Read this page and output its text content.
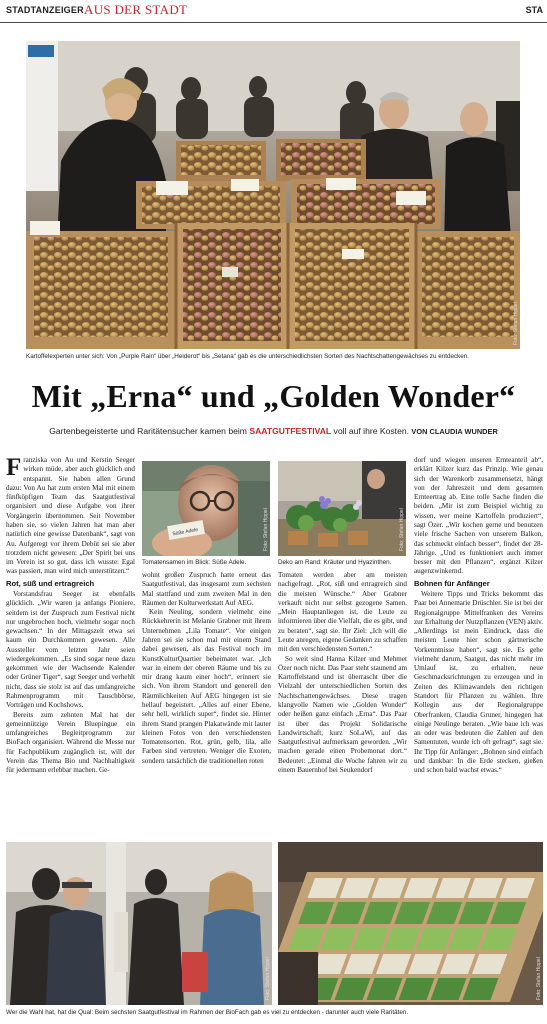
STADTANZEIGER AUS DER STADT	STA
Foto: Stefan Hippel
Kartoffelexperten unter sich: Von „Purple Rain“ über „Heiderot“ bis „Setana“ gab es die unterschiedlichsten Sorten des Nachtschattengewächses zu entdecken.
Mit „Erna“ und „Golden Wonder“
Gartenbegeisterte und Raritätensucher kamen beim SAATGUTFESTIVAL voll auf ihre Kosten. VON CLAUDIA WUNDER
Süße Adele	Foto: Stefan Hippel
Tomatensamen im Blick: Süße Adele.
Foto: Stefan Hippel
Deko am Rand: Kräuter und Hyazinthen.

Franziska von Au und Kerstin Seeger wirken müde, aber auch glücklich und entspannt. Sie haben allen Grund dazu: Von Au hat zum ersten Mal mit einem fünfköpfigen Team das Saatgutfestival organisiert und diese Aufgabe von ihrer Vorgängerin übernommen. Seit November haben sie, so vielen Jahren hat man aber natürlich eine gewisse Datenbank“, sagt von Au. Aufgeregt vor ihrem Debüt sei sie aber trotzdem nicht gewesen: „Der Spirit bei uns im Verein ist so gut, dass ich wusste: Egal was passiert, man wird mich unterstützen.“

Rot, süß und ertragreich

Vorstandsfrau Seeger ist ebenfalls glücklich. „Wir waren ja anfangs Pioniere, seitdem ist der Zuspruch zum Festival nicht nur ungebrochen hoch, vielmehr sogar noch gewachsen.“ In der Mittagszeit etwa sei kaum ein Durchkommen gewesen. Alle Aussteller vom letzten Jahr seien wiedergekommen. „Es sind sogar neue dazu gekommen wie der Wachsende Kalender oder Grüner Tiger“, sagt Seeger und verhehlt nicht, dass sie stolz ist auf das umfangreiche Rahmenprogramm mit Tauschbörse, Vorträgen und Kochshows.

Bereits zum zehnten Mal hat der gemeinnützige Verein Bluepingue ein umfangreiches Begleitprogramm zur BioFach organisiert. Während die Messe nur für Fachpublikum zugänglich ist, will der Verein das Thema Bio und Nachhaltigkeit für jedermann erlebbar machen. Ge-

wohnt großen Zuspruch hatte erneut das Saatgutfestival, das insgesamt zum sechsten Mal stattfand und zum zweiten Mal in den Räumen der Kulturwerkstatt Auf AEG.

Kein Neuling, sondern vielmehr eine Rückkehrerin ist Melanie Grabner mit ihrem Unternehmen „Lila Tomate“. Vor einigen Jahren sei sie schon mal mit einem Stand dabei gewesen, als das Festival noch im KunstKulturQuartier beheimatet war. „Ich war in einem der oberen Räume und bis zu mir drang kaum einer hoch“, erinnert sie sich. Von ihrem Standort und generell den Räumlichkeiten Auf AEG hingegen ist sie hellauf begeistert. „Alles auf einer Ebene, sehr hell, wirklich super“, findet sie. Hinter ihrem Stand prangen Plakatwände mit lauter kleinen Fotos von den verschiedensten Tomatensorten. Rot, grün, gelb, lila, alle Farben sind vertreten. Weniger die Exoten, sondern tatsächlich die traditionellen roten

Tomaten werden aber am meisten nachgefragt. „Rot, süß und ertragreich sind die meisten Wünsche.“ Aber Grabner verkauft nicht nur selbst gezogene Samen. „Mein Hauptanliegen ist, die Leute zu informieren über die Vielfalt, die es gibt, und zu beraten“, sagt sie. Ihr Ziel: „Ich will die Leute anregen, eigene Gedanken zu schaffen mit den verschiedensten Sorten.“

So weit sind Hanna Kilzer und Mehmet Özer noch nicht. Das Paar steht staunend am Kartoffelstand und ist überrascht über die Vielzahl der unterschiedlichen Sorten des Nachtschattengewächses. Diese tragen klangvolle Namen wie „Golden Wonder“ oder heißen ganz einfach „Erna“. Das Paar ist über das Projekt Solidarische Landwirtschaft, kurz SoLaWi, auf das Saatgutfestival aufmerksam geworden. „Wir machen gerade einen Probemonat dort.“ Bedeutet: „Einmal die Woche fahren wir zu einem Bauernhof bei Seukendorf

dorf und wiegen unseren Ernteanteil ab“, erklärt Kilzer kurz das Prinzip. Wie genau sich der Warenkorb zusammensetzt, hängt von der Jahreszeit und dem gesamten Ernteertrag ab. Eine tolle Sache finden die beiden. „Mir ist zum Beispiel wichtig zu wissen, wer meine Kartoffeln produziert“, sagt Özer. „Wir kochen gerne und benutzen viele frische Sachen von unserem Balkon, das schmeckt einfach besser“, findet der 28-Jährige. „Und es funktioniert auch immer besser mit den Pflanzen“, ergänzt Kilzer augenzwinkernd.

Bohnen für Anfänger

Weitere Tipps und Tricks bekommt das Paar bei Annemarie Drüschler. Sie ist bei der Regionalgruppe Mittelfranken des Vereins zur Erhaltung der Nutzpflanzen (VEN) aktiv. „Allerdings ist mein Eindruck, dass die meisten Leute hier schon gärtnerische Vorkenntnisse haben“, sagt sie. Es gehe vielmehr darum, Saatgut, das nicht mehr im Umlauf ist, zu erhalten, neue Geschmacksrichtungen zu erzeugen und in Zeiten des Klimawandels den richtigen Standort für Pflanzen zu wählen. Ihre Kollegin aus der Regionalgruppe Oberfranken, Claudia Gruner, hingegen hat einige Neulinge beraten. „Wie baue ich was an oder was bedeuten die Zahlen auf den Samentuten, wurde ich oft gefragt“, sagt sie. Ihr Tipp für Anfänger: „Bohnen sind einfach und dankbar: In die Erde stecken, gießen und schon bald wachst etwas.“

Foto: Stefan Hippel	Foto: Stefan Hippel
Wer die Wahl hat, hat die Qual: Beim sechsten Saatgutfestival im Rahmen der BioFach gab es viel zu entdecken - darunter auch viele Raritäten.
